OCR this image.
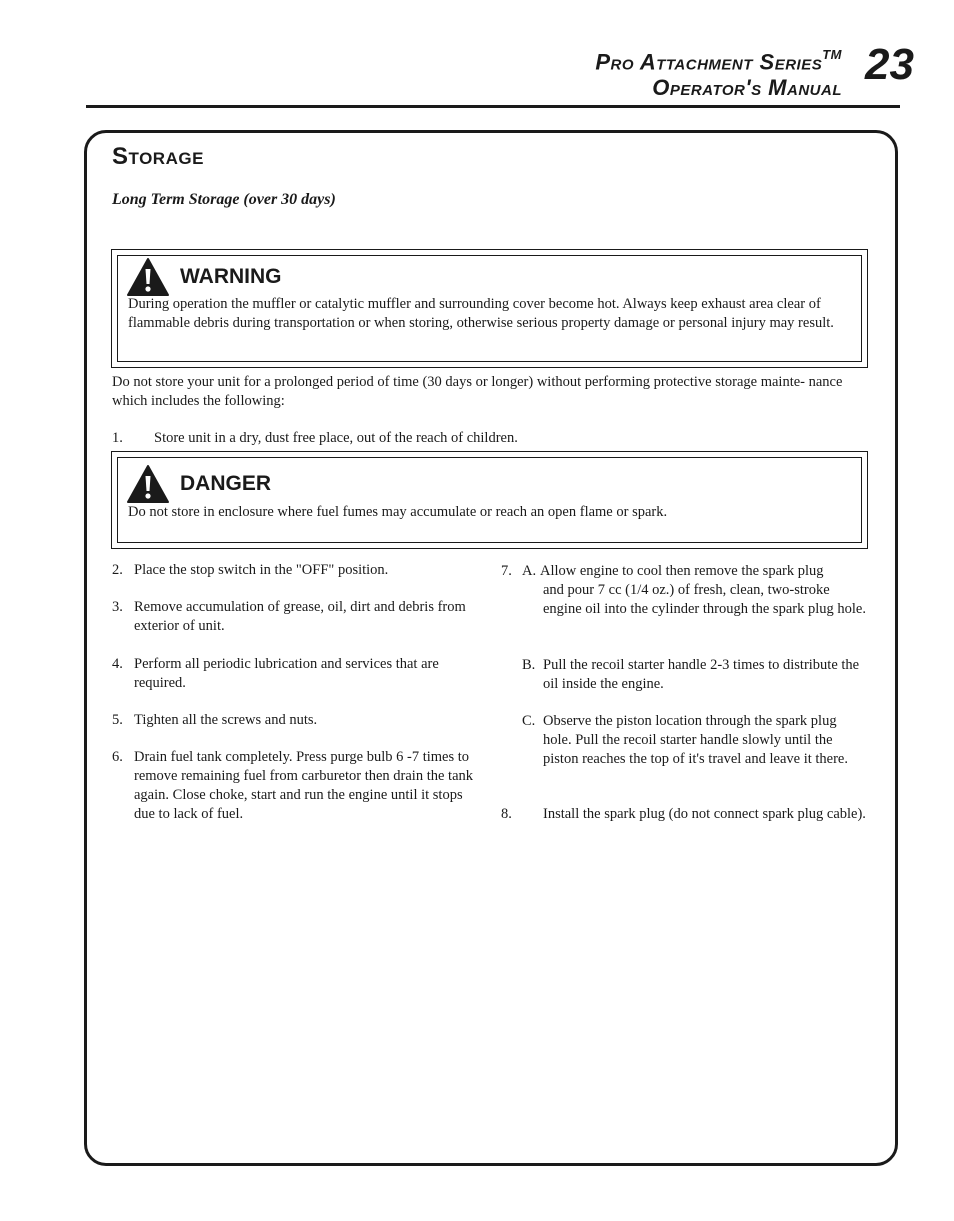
Pro Attachment Series™
Operator's Manual 23
Storage
Long Term Storage (over 30 days)
WARNING
During operation the muffler or catalytic muffler and surrounding cover become hot. Always keep exhaust area clear of flammable debris during transportation or when storing, otherwise serious property damage or personal injury may result.
Do not store your unit for a prolonged period of time (30 days or longer) without performing protective storage mainte- nance which includes the following:
1. Store unit in a dry, dust free place, out of the reach of children.
DANGER
Do not store in enclosure where fuel fumes may accumulate or reach an open flame or spark.
2. Place the stop switch in the "OFF" position.
3. Remove accumulation of grease, oil, dirt and debris from exterior of unit.
4. Perform all periodic lubrication and services that are required.
5. Tighten all the screws and nuts.
6. Drain fuel tank completely. Press purge bulb 6 -7 times to remove remaining fuel from carburetor then drain the tank again. Close choke, start and run the engine until it stops due to lack of fuel.
7. A. Allow engine to cool then remove the spark plug
and pour 7 cc (1/4 oz.) of fresh, clean, two-stroke engine oil into the cylinder through the spark plug hole.
B. Pull the recoil starter handle 2-3 times to distribute the oil inside the engine.
C. Observe the piston location through the spark plug hole. Pull the recoil starter handle slowly until the piston reaches the top of it's travel and leave it there.
8. Install the spark plug (do not connect spark plug cable).
